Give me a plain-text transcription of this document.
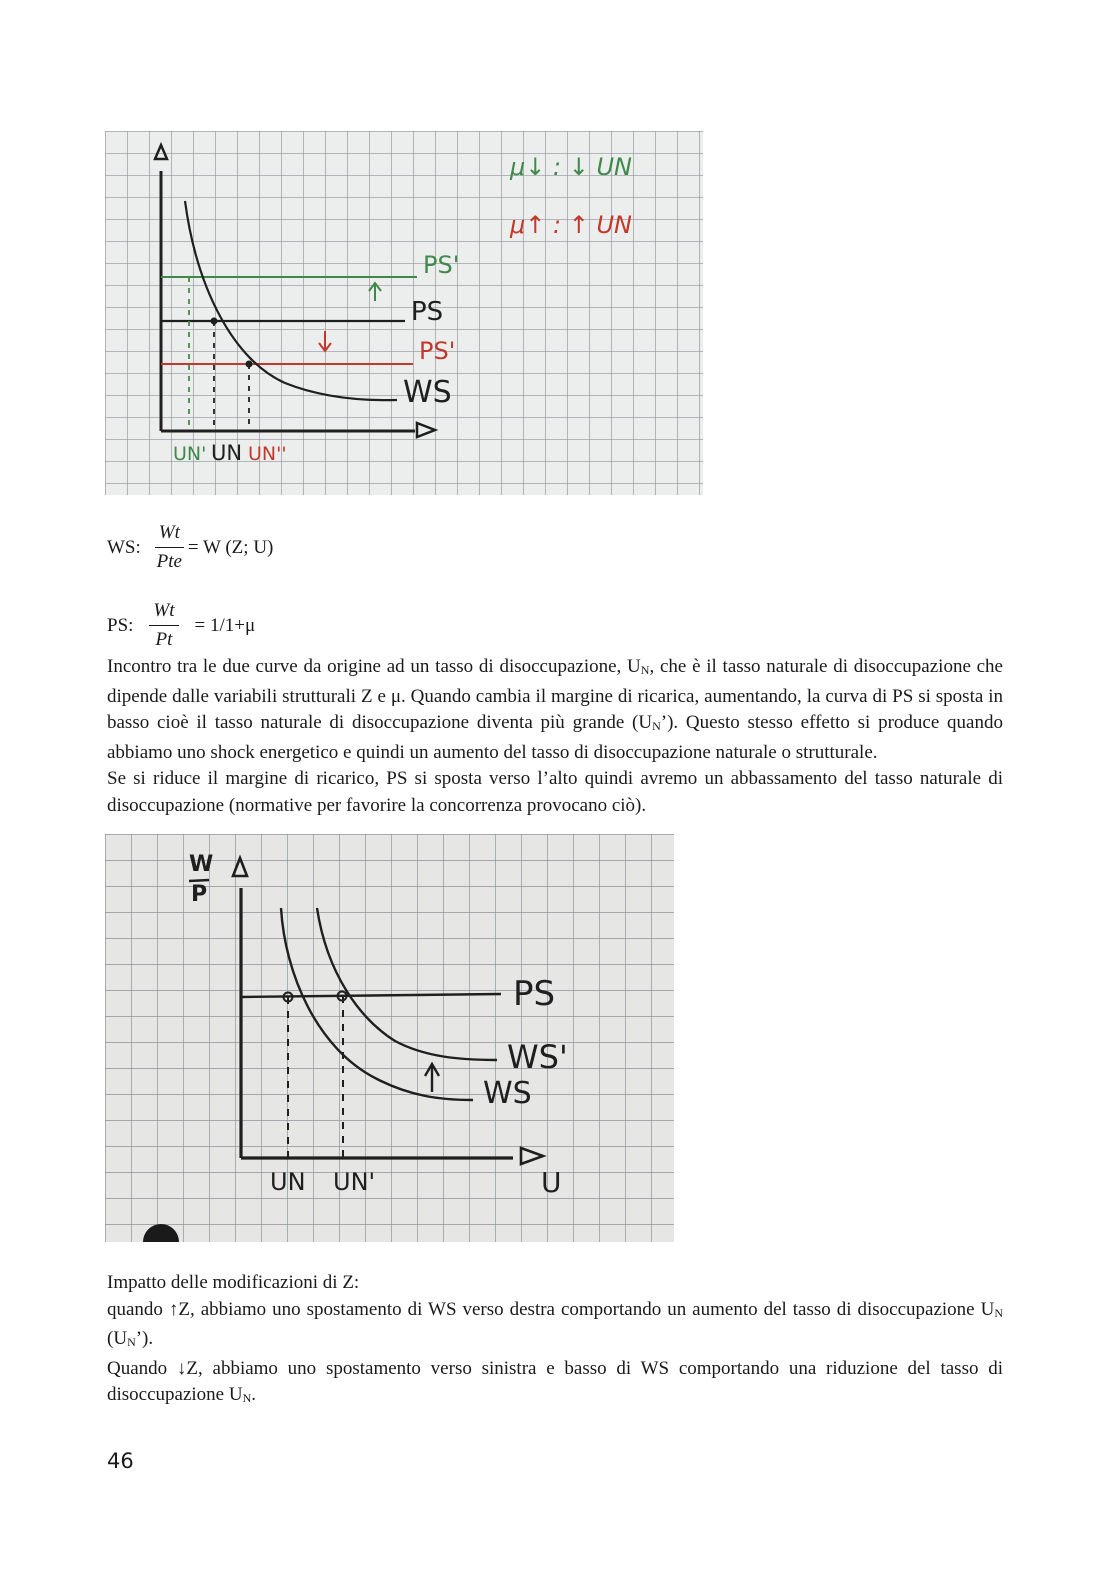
μ↓ : ↓ UN
μ↑ : ↑ UN
PS'
PS
PS'
WS
UN' UN UN''
WS: $\frac{Wt}{\text{Pte}} = W$ (Z; U)
PS: $\frac{Wt}{Pt} = 1/1+\mu$

Incontro tra le due curve da origine ad un tasso di disoccupazione, $U_N$, che è il tasso naturale di disoccupazione che dipende dalle variabili strutturali Z e μ. Quando cambia il margine di ricarica, aumentando, la curva di PS si sposta in basso cioè il tasso naturale di disoccupazione diventa più grande $(U_N’)$. Questo stesso effetto si produce quando abbiamo uno shock energetico e quindi un aumento del tasso di disoccupazione naturale o strutturale.

Se si riduce il margine di ricarico, PS si sposta verso l’alto quindi avremo un abbassamento del tasso naturale di disoccupazione (normative per favorire la concorrenza provocano ciò).

W
P
PS
WS'
WS
UN UN'	U

Impatto delle modificazioni di Z:

quando ↑Z, abbiamo uno spostamento di WS verso destra comportando un aumento del tasso di disoccupazione $U_N$ $(U_N’)$.

Quando ↓Z, abbiamo uno spostamento verso sinistra e basso di WS comportando una riduzione del tasso di disoccupazione $U_N$.

46
